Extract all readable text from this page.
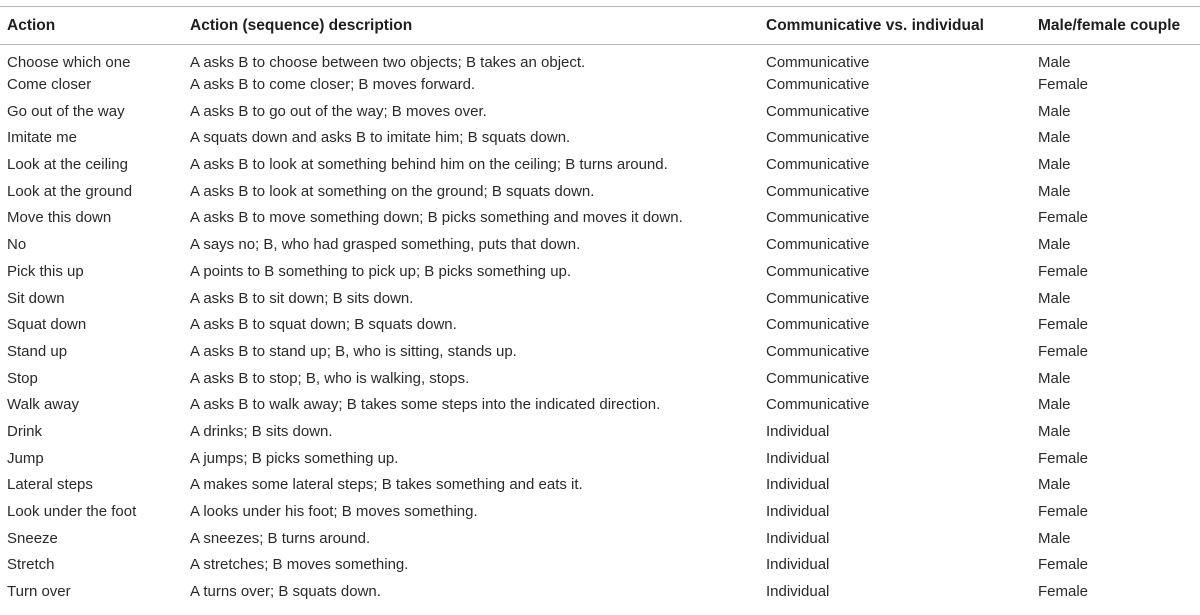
Action	Action (sequence) description	Communicative vs. individual	Male/female couple
Choose which one	A asks B to choose between two objects; B takes an object.	Communicative	Male
Come closer	A asks B to come closer; B moves forward.	Communicative	Female
Go out of the way	A asks B to go out of the way; B moves over.	Communicative	Male
Imitate me	A squats down and asks B to imitate him; B squats down.	Communicative	Male
Look at the ceiling	A asks B to look at something behind him on the ceiling; B turns around.	Communicative	Male
Look at the ground	A asks B to look at something on the ground; B squats down.	Communicative	Male
Move this down	A asks B to move something down; B picks something and moves it down.	Communicative	Female
No	A says no; B, who had grasped something, puts that down.	Communicative	Male
Pick this up	A points to B something to pick up; B picks something up.	Communicative	Female
Sit down	A asks B to sit down; B sits down.	Communicative	Male
Squat down	A asks B to squat down; B squats down.	Communicative	Female
Stand up	A asks B to stand up; B, who is sitting, stands up.	Communicative	Female
Stop	A asks B to stop; B, who is walking, stops.	Communicative	Male
Walk away	A asks B to walk away; B takes some steps into the indicated direction.	Communicative	Male
Drink	A drinks; B sits down.	Individual	Male
Jump	A jumps; B picks something up.	Individual	Female
Lateral steps	A makes some lateral steps; B takes something and eats it.	Individual	Male
Look under the foot	A looks under his foot; B moves something.	Individual	Female
Sneeze	A sneezes; B turns around.	Individual	Male
Stretch	A stretches; B moves something.	Individual	Female
Turn over	A turns over; B squats down.	Individual	Female
